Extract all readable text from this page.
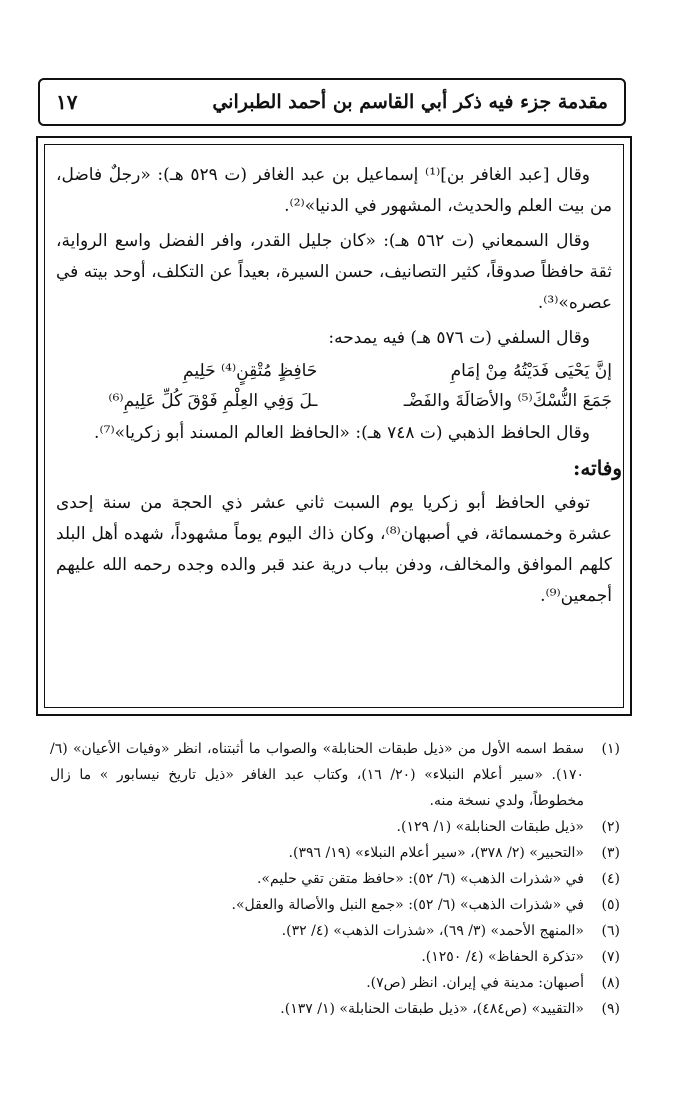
مقدمة جزء فيه ذكر أبي القاسم بن أحمد الطبراني
١٧

وقال [عبد الغافر بن]⁽¹⁾ إسماعيل بن عبد الغافر (ت ٥٢٩ هـ): «رجلٌ فاضل، من بيت العلم والحديث، المشهور في الدنيا»⁽²⁾.

وقال السمعاني (ت ٥٦٢ هـ): «كان جليل القدر، وافر الفضل واسع الرواية، ثقة حافظاً صدوقاً، كثير التصانيف، حسن السيرة، بعيداً عن التكلف، أوحد بيته في عصره»⁽³⁾.

وقال السلفي (ت ٥٧٦ هـ) فيه يمدحه:

إنَّ يَحْيَى فَدَيْتُهُ مِنْ إمَامِ
حَافِظٍ مُتْقِنٍ⁽⁴⁾ حَلِيمِ
جَمَعَ النُّسْكَ⁽⁵⁾ والأصَالَةَ والفَضْـ
ـلَ وَفِي العِلْمِ فَوْقَ كُلِّ عَلِيمِ⁽⁶⁾

وقال الحافظ الذهبي (ت ٧٤٨ هـ): «الحافظ العالم المسند أبو زكريا»⁽⁷⁾.

وفاته:

توفي الحافظ أبو زكريا يوم السبت ثاني عشر ذي الحجة من سنة إحدى عشرة وخمسمائة، في أصبهان⁽⁸⁾، وكان ذاك اليوم يوماً مشهوداً، شهده أهل البلد كلهم الموافق والمخالف، ودفن بباب درية عند قبر والده وجده رحمه الله عليهم أجمعين⁽⁹⁾.

(١)
سقط اسمه الأول من «ذيل طبقات الحنابلة» والصواب ما أثبتناه، انظر «وفيات الأعيان» (٦/ ١٧٠). «سير أعلام النبلاء» (٢٠/ ١٦)، وكتاب عبد الغافر «ذيل تاريخ نيسابور » ما زال مخطوطاً، ولدي نسخة منه.
(٢)
«ذيل طبقات الحنابلة» (١/ ١٢٩).
(٣)
«التحبير» (٢/ ٣٧٨)، «سير أعلام النبلاء» (١٩/ ٣٩٦).
(٤)
في «شذرات الذهب» (٦/ ٥٢): «حافظ متقن تقي حليم».
(٥)
في «شذرات الذهب» (٦/ ٥٢): «جمع النبل والأصالة والعقل».
(٦)
«المنهج الأحمد» (٣/ ٦٩)، «شذرات الذهب» (٤/ ٣٢).
(٧)
«تذكرة الحفاظ» (٤/ ١٢٥٠).
(٨)
أصبهان: مدينة في إيران. انظر (ص٧).
(٩)
«التقييد» (ص٤٨٤)، «ذيل طبقات الحنابلة» (١/ ١٣٧).
